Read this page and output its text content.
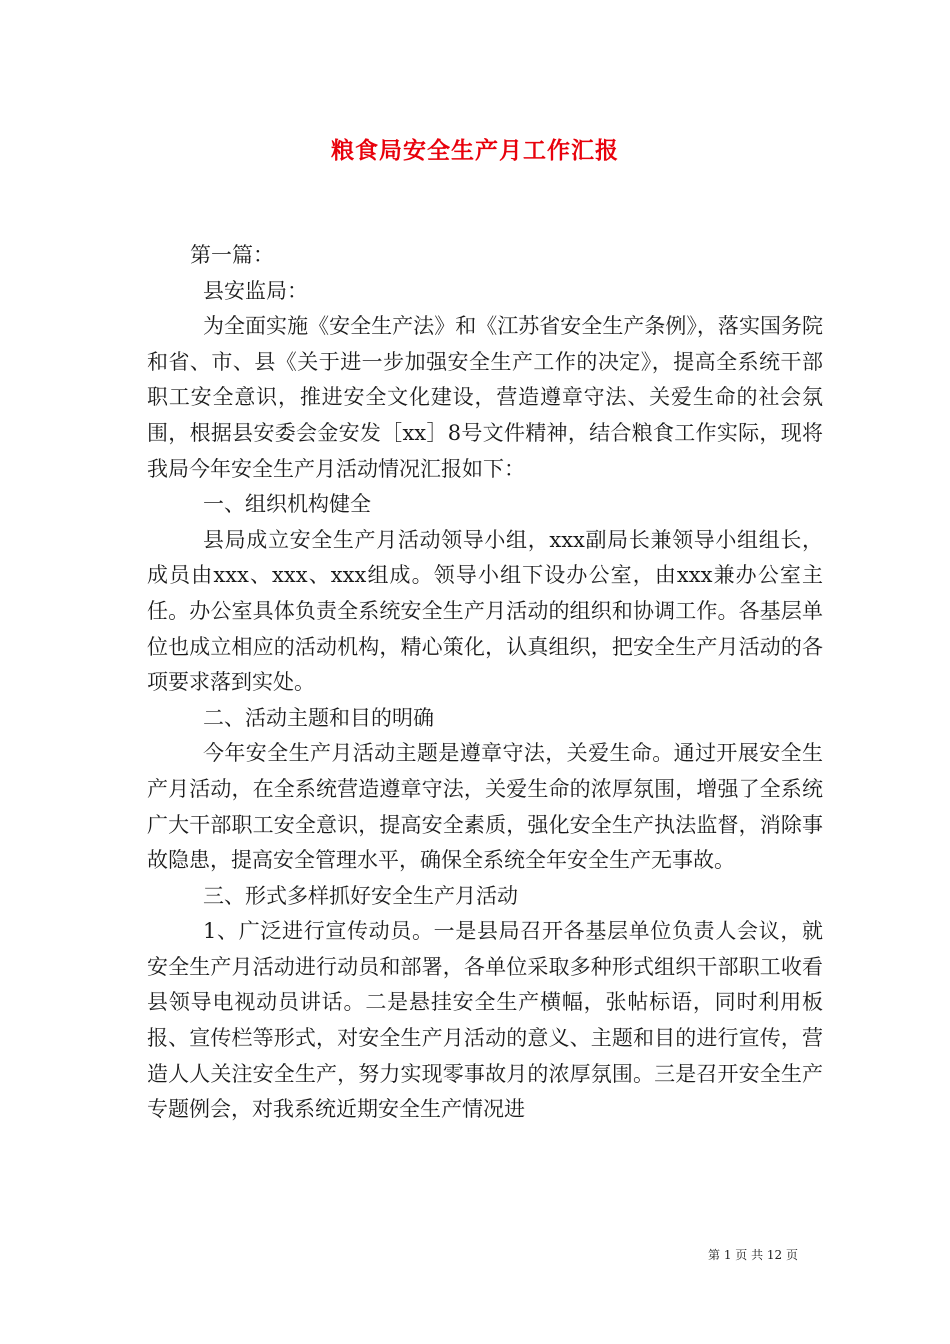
粮食局安全生产月工作汇报

第一篇：

县安监局：

为全面实施《安全生产法》和《江苏省安全生产条例》，落实国务院和省、市、县《关于进一步加强安全生产工作的决定》，提高全系统干部职工安全意识，推进安全文化建设，营造遵章守法、关爱生命的社会氛围，根据县安委会金安发［xx］8号文件精神，结合粮食工作实际，现将我局今年安全生产月活动情况汇报如下：

一、组织机构健全

县局成立安全生产月活动领导小组，xxx副局长兼领导小组组长，成员由xxx、xxx、xxx组成。领导小组下设办公室，由xxx兼办公室主任。办公室具体负责全系统安全生产月活动的组织和协调工作。各基层单位也成立相应的活动机构，精心策化，认真组织，把安全生产月活动的各项要求落到实处。

二、活动主题和目的明确

今年安全生产月活动主题是遵章守法，关爱生命。通过开展安全生产月活动，在全系统营造遵章守法，关爱生命的浓厚氛围，增强了全系统广大干部职工安全意识，提高安全素质，强化安全生产执法监督，消除事故隐患，提高安全管理水平，确保全系统全年安全生产无事故。

三、形式多样抓好安全生产月活动

1、广泛进行宣传动员。一是县局召开各基层单位负责人会议，就安全生产月活动进行动员和部署，各单位采取多种形式组织干部职工收看县领导电视动员讲话。二是悬挂安全生产横幅，张帖标语，同时利用板报、宣传栏等形式，对安全生产月活动的意义、主题和目的进行宣传，营造人人关注安全生产，努力实现零事故月的浓厚氛围。三是召开安全生产专题例会，对我系统近期安全生产情况进

第 1 页 共 12 页
